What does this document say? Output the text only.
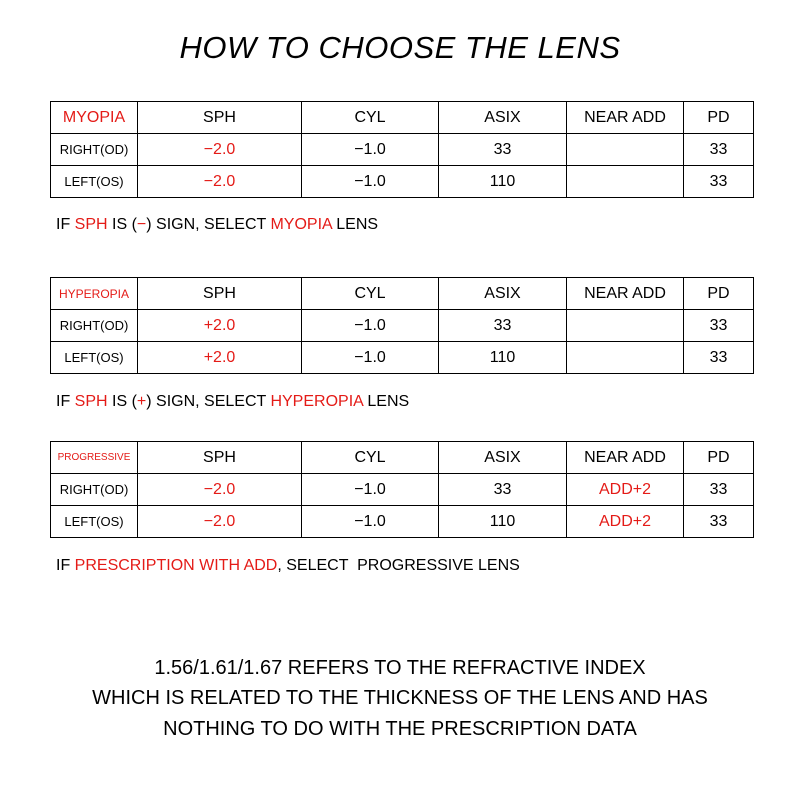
HOW TO CHOOSE THE LENS
MYOPIA	SPH	CYL	ASIX	NEAR ADD	PD
RIGHT(OD)	−2.0	−1.0	33		33
LEFT(OS)	−2.0	−1.0	110		33

IF SPH IS (−) SIGN, SELECT MYOPIA LENS

HYPEROPIA	SPH	CYL	ASIX	NEAR ADD	PD
RIGHT(OD)	+2.0	−1.0	33		33
LEFT(OS)	+2.0	−1.0	110		33

IF SPH IS (+) SIGN, SELECT HYPEROPIA LENS

PROGRESSIVE	SPH	CYL	ASIX	NEAR ADD	PD
RIGHT(OD)	−2.0	−1.0	33	ADD+2	33
LEFT(OS)	−2.0	−1.0	110	ADD+2	33

IF PRESCRIPTION WITH ADD, SELECT  PROGRESSIVE LENS

1.56/1.61/1.67 REFERS TO THE REFRACTIVE INDEX

WHICH IS RELATED TO THE THICKNESS OF THE LENS AND HAS

NOTHING TO DO WITH THE PRESCRIPTION DATA
